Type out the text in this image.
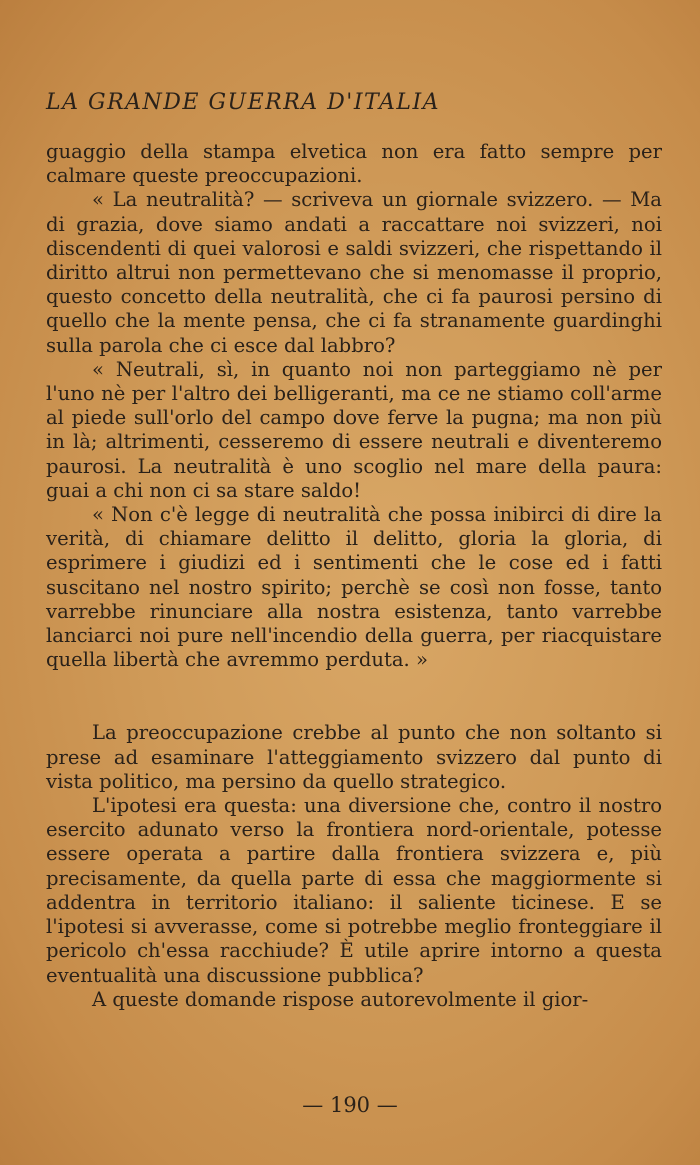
LA GRANDE GUERRA D'ITALIA

guaggio della stampa elvetica non era fatto sempre per calmare queste preoccupazioni.

« La neutralità? — scriveva un giornale svizzero. — Ma di grazia, dove siamo andati a raccattare noi svizzeri, noi discendenti di quei valorosi e saldi svizzeri, che rispettando il diritto altrui non permettevano che si menomasse il proprio, questo concetto della neutralità, che ci fa paurosi persino di quello che la mente pensa, che ci fa stranamente guardinghi sulla parola che ci esce dal labbro?

« Neutrali, sì, in quanto noi non parteggiamo nè per l'uno nè per l'altro dei belligeranti, ma ce ne stiamo coll'arme al piede sull'orlo del campo dove ferve la pugna; ma non più in là; altrimenti, cesseremo di essere neutrali e diventeremo paurosi. La neutralità è uno scoglio nel mare della paura: guai a chi non ci sa stare saldo!

« Non c'è legge di neutralità che possa inibirci di dire la verità, di chiamare delitto il delitto, gloria la gloria, di esprimere i giudizi ed i sentimenti che le cose ed i fatti suscitano nel nostro spirito; perchè se così non fosse, tanto varrebbe rinunciare alla nostra esistenza, tanto varrebbe lanciarci noi pure nell'incendio della guerra, per riacquistare quella libertà che avremmo perduta. »

La preoccupazione crebbe al punto che non soltanto si prese ad esaminare l'atteggiamento svizzero dal punto di vista politico, ma persino da quello strategico.

L'ipotesi era questa: una diversione che, contro il nostro esercito adunato verso la frontiera nord-orientale, potesse essere operata a partire dalla frontiera svizzera e, più precisamente, da quella parte di essa che maggiormente si addentra in territorio italiano: il saliente ticinese. E se l'ipotesi si avverasse, come si potrebbe meglio fronteggiare il pericolo ch'essa racchiude? È utile aprire intorno a questa eventualità una discussione pubblica?

A queste domande rispose autorevolmente il gior-

— 190 —
